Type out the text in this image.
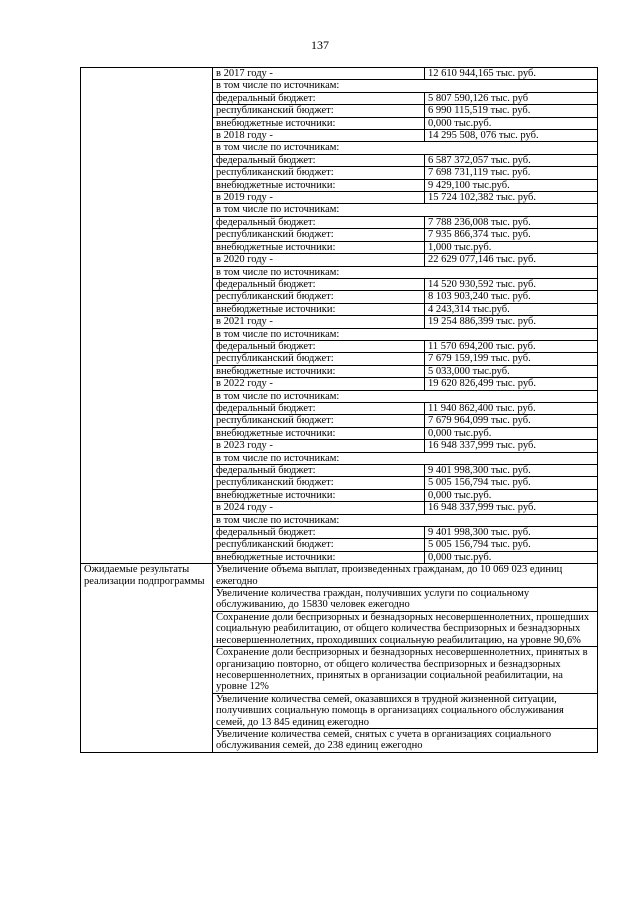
137

в 2017 году -	12 610 944,165 тыс. руб.
в том числе по источникам:
федеральный бюджет:	5 807 590,126 тыс. руб
республиканский бюджет:	6 990 115,519 тыс. руб.
внебюджетные источники:	0,000 тыс.руб.
в 2018 году -	14 295 508, 076 тыс. руб.
в том числе по источникам:
федеральный бюджет:	6 587 372,057 тыс. руб.
республиканский бюджет:	7 698 731,119 тыс. руб.
внебюджетные источники:	9 429,100 тыс.руб.
в 2019 году -	15 724 102,382 тыс. руб.
в том числе по источникам:
федеральный бюджет:	7 788 236,008 тыс. руб.
республиканский бюджет:	7 935 866,374 тыс. руб.
внебюджетные источники:	1,000 тыс.руб.
в 2020 году -	22 629 077,146 тыс. руб.
в том числе по источникам:
федеральный бюджет:	14 520 930,592 тыс. руб.
республиканский бюджет:	8 103 903,240 тыс. руб.
внебюджетные источники:	4 243,314 тыс.руб.
в 2021 году -	19 254 886,399 тыс. руб.
в том числе по источникам:
федеральный бюджет:	11 570 694,200 тыс. руб.
республиканский бюджет:	7 679 159,199 тыс. руб.
внебюджетные источники:	5 033,000 тыс.руб.
в 2022 году -	19 620 826,499 тыс. руб.
в том числе по источникам:
федеральный бюджет:	11 940 862,400 тыс. руб.
республиканский бюджет:	7 679 964,099 тыс. руб.
внебюджетные источники:	0,000 тыс.руб.
в 2023 году -	16 948 337,999 тыс. руб.
в том числе по источникам:
федеральный бюджет:	9 401 998,300 тыс. руб.
республиканский бюджет:	5 005 156,794 тыс. руб.
внебюджетные источники:	0,000 тыс.руб.
в 2024 году -	16 948 337,999 тыс. руб.
в том числе по источникам:
федеральный бюджет:	9 401 998,300 тыс. руб.
республиканский бюджет:	5 005 156,794 тыс. руб.
внебюджетные источники:	0,000 тыс.руб.

Ожидаемые результаты реализации подпрограммы	Увеличение объема выплат, произведенных гражданам, до 10 069 023 единиц ежегодно
Увеличение количества граждан, получивших услуги по социальному обслуживанию, до 15830 человек ежегодно
Сохранение доли беспризорных и безнадзорных несовершеннолетних, прошедших социальную реабилитацию, от общего количества беспризорных и безнадзорных несовершеннолетних, проходивших социальную реабилитацию, на уровне 90,6%
Сохранение доли беспризорных и безнадзорных несовершеннолетних, принятых в организацию повторно, от общего количества беспризорных и безнадзорных несовершеннолетних, принятых в организации социальной реабилитации, на уровне 12%
Увеличение количества семей, оказавшихся в трудной жизненной ситуации, получивших социальную помощь в организациях социального обслуживания семей, до 13 845 единиц ежегодно
Увеличение количества семей, снятых с учета в организациях социального обслуживания семей, до 238 единиц ежегодно
